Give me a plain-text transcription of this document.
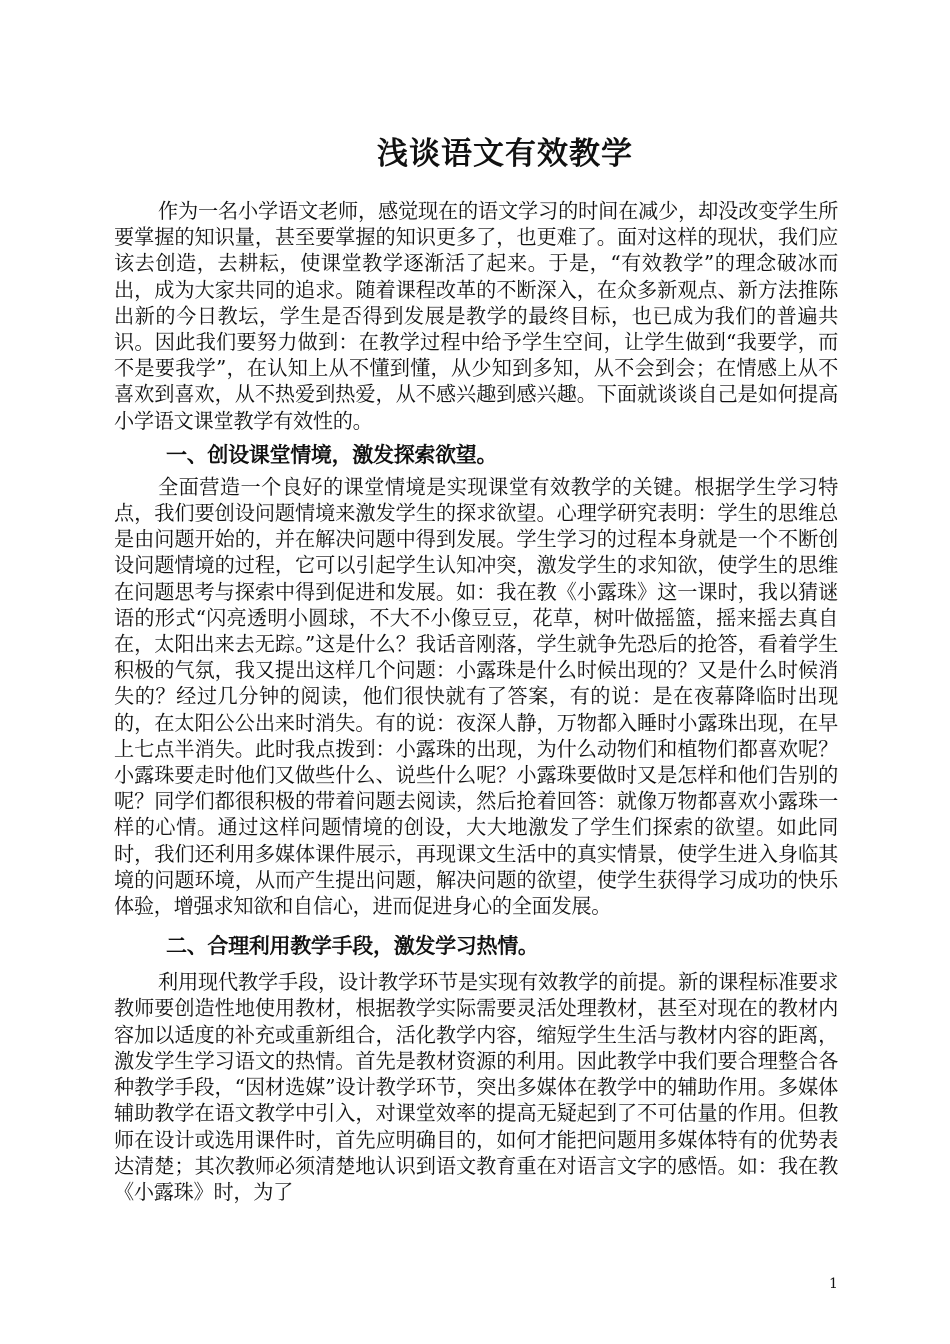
浅谈语文有效教学

作为一名小学语文老师，感觉现在的语文学习的时间在减少，却没改变学生所要掌握的知识量，甚至要掌握的知识更多了，也更难了。面对这样的现状，我们应该去创造，去耕耘，使课堂教学逐渐活了起来。于是，“有效教学”的理念破冰而出，成为大家共同的追求。随着课程改革的不断深入，在众多新观点、新方法推陈出新的今日教坛，学生是否得到发展是教学的最终目标，也已成为我们的普遍共识。因此我们要努力做到：在教学过程中给予学生空间，让学生做到“我要学，而不是要我学”，在认知上从不懂到懂，从少知到多知，从不会到会；在情感上从不喜欢到喜欢，从不热爱到热爱，从不感兴趣到感兴趣。下面就谈谈自己是如何提高小学语文课堂教学有效性的。

一、创设课堂情境，激发探索欲望。

全面营造一个良好的课堂情境是实现课堂有效教学的关键。根据学生学习特点，我们要创设问题情境来激发学生的探求欲望。心理学研究表明：学生的思维总是由问题开始的，并在解决问题中得到发展。学生学习的过程本身就是一个不断创设问题情境的过程，它可以引起学生认知冲突，激发学生的求知欲，使学生的思维在问题思考与探索中得到促进和发展。如：我在教《小露珠》这一课时，我以猜谜语的形式“闪亮透明小圆球，不大不小像豆豆，花草，树叶做摇篮，摇来摇去真自在，太阳出来去无踪。”这是什么？我话音刚落，学生就争先恐后的抢答，看着学生积极的气氛，我又提出这样几个问题：小露珠是什么时候出现的？又是什么时候消失的？经过几分钟的阅读，他们很快就有了答案，有的说：是在夜幕降临时出现的，在太阳公公出来时消失。有的说：夜深人静，万物都入睡时小露珠出现，在早上七点半消失。此时我点拨到：小露珠的出现，为什么动物们和植物们都喜欢呢？小露珠要走时他们又做些什么、说些什么呢？小露珠要做时又是怎样和他们告别的呢？同学们都很积极的带着问题去阅读，然后抢着回答：就像万物都喜欢小露珠一样的心情。通过这样问题情境的创设，大大地激发了学生们探索的欲望。如此同时，我们还利用多媒体课件展示，再现课文生活中的真实情景，使学生进入身临其境的问题环境，从而产生提出问题，解决问题的欲望，使学生获得学习成功的快乐体验，增强求知欲和自信心，进而促进身心的全面发展。

二、合理利用教学手段，激发学习热情。

利用现代教学手段，设计教学环节是实现有效教学的前提。新的课程标准要求教师要创造性地使用教材，根据教学实际需要灵活处理教材，甚至对现在的教材内容加以适度的补充或重新组合，活化教学内容，缩短学生生活与教材内容的距离，激发学生学习语文的热情。首先是教材资源的利用。因此教学中我们要合理整合各种教学手段，“因材选媒”设计教学环节，突出多媒体在教学中的辅助作用。多媒体辅助教学在语文教学中引入，对课堂效率的提高无疑起到了不可估量的作用。但教师在设计或选用课件时，首先应明确目的，如何才能把问题用多媒体特有的优势表达清楚；其次教师必须清楚地认识到语文教育重在对语言文字的感悟。如：我在教《小露珠》时，为了

1
